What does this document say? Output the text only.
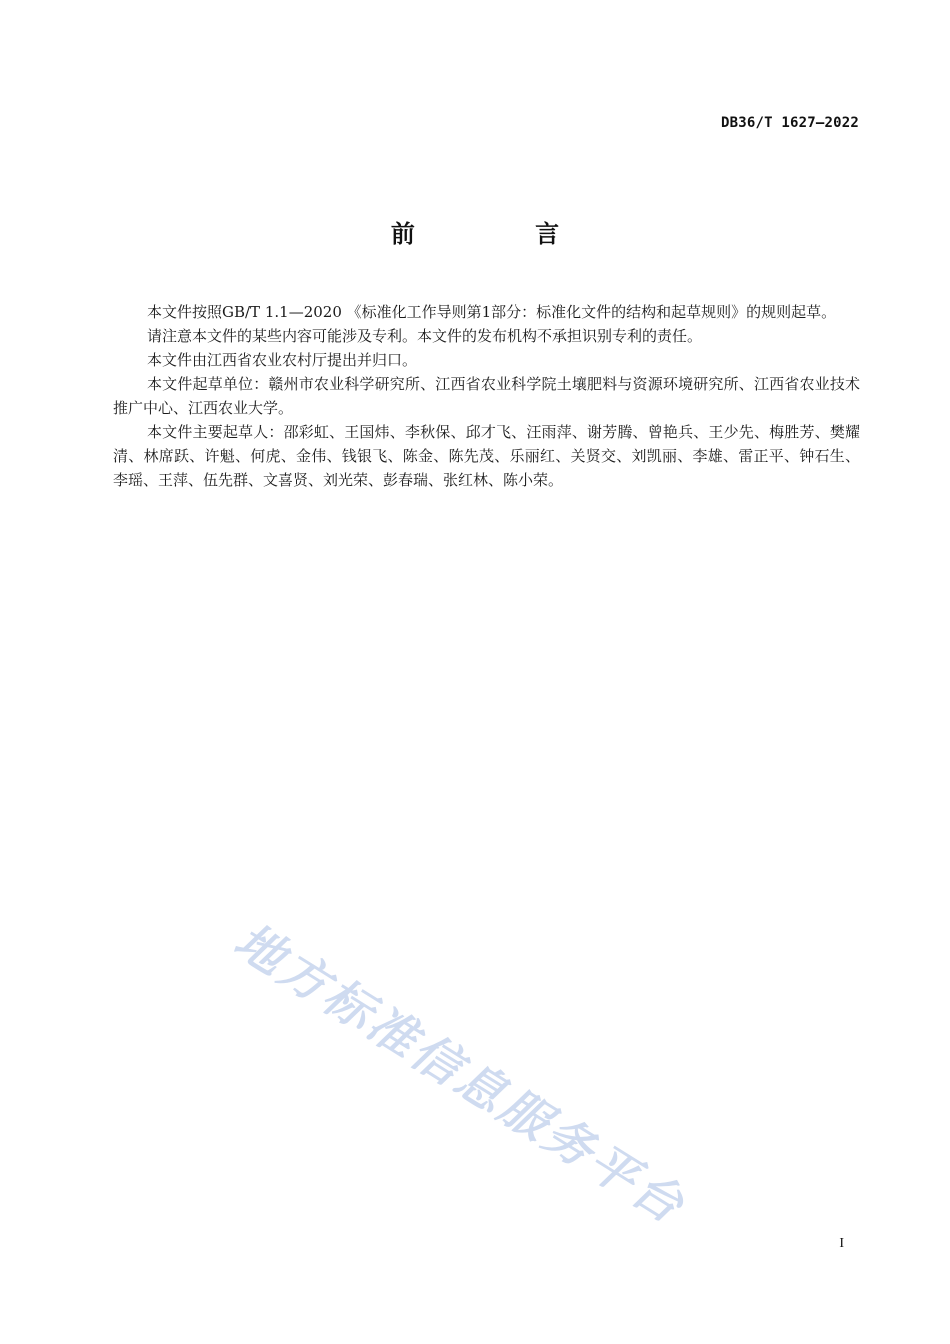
DB36/T 1627—2022
前 言

本文件按照GB/T 1.1—2020 《标准化工作导则第1部分：标准化文件的结构和起草规则》的规则起草。

请注意本文件的某些内容可能涉及专利。本文件的发布机构不承担识别专利的责任。

本文件由江西省农业农村厅提出并归口。

本文件起草单位：赣州市农业科学研究所、江西省农业科学院土壤肥料与资源环境研究所、江西省农业技术推广中心、江西农业大学。

本文件主要起草人：邵彩虹、王国炜、李秋保、邱才飞、汪雨萍、谢芳腾、曾艳兵、王少先、梅胜芳、樊耀清、林席跃、许魁、何虎、金伟、钱银飞、陈金、陈先茂、乐丽红、关贤交、刘凯丽、李雄、雷正平、钟石生、李瑶、王萍、伍先群、文喜贤、刘光荣、彭春瑞、张红林、陈小荣。

地方标准信息服务平台
I
